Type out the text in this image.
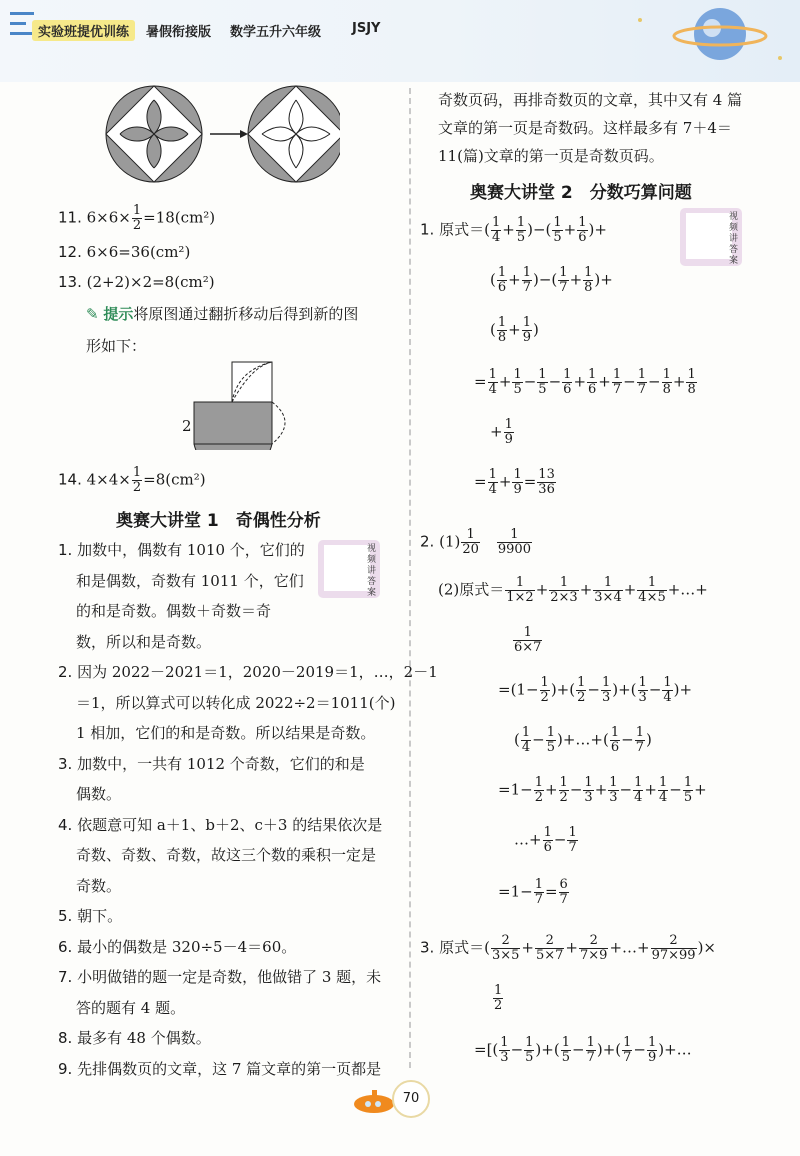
实验班提优训练	暑假衔接版 数学五升六年级 JSJY
11. $6\times 6\times \frac{1}{2} =18(cm^2)$
12. 6×6=36(cm²)
13. (2+2)×2=8(cm²)
✎ 提示将原图通过翻折移动后得到新的图
形如下：
2
14. $4\times 4\times \frac{1}{2} =8(cm^2)$
奥赛大讲堂 1　奇偶性分析
视频讲答案
1. 加数中，偶数有 1010 个，它们的
和是偶数，奇数有 1011 个，它们
的和是奇数。偶数＋奇数＝奇
数，所以和是奇数。
2. 因为 2022－2021＝1，2020－2019＝1，…，2－1
＝1，所以算式可以转化成 2022÷2＝1011(个)
1 相加，它们的和是奇数。所以结果是奇数。
3. 加数中，一共有 1012 个奇数，它们的和是
偶数。
4. 依题意可知 a＋1、b＋2、c＋3 的结果依次是
奇数、奇数、奇数，故这三个数的乘积一定是
奇数。
5. 朝下。
6. 最小的偶数是 320÷5－4＝60。
7. 小明做错的题一定是奇数，他做错了 3 题，未
答的题有 4 题。
8. 最多有 48 个偶数。
9. 先排偶数页的文章，这 7 篇文章的第一页都是
奇数页码，再排奇数页的文章，其中又有 4 篇
文章的第一页是奇数码。这样最多有 7＋4＝
11(篇)文章的第一页是奇数页码。
奥赛大讲堂 2　分数巧算问题
视频讲答案
1. 原式＝( $\frac{1}{4} + \frac{1}{5}$ )−( $\frac{1}{5} + \frac{1}{6}$ )+
( $\frac{1}{6} + \frac{1}{7}$ )−( $\frac{1}{7} + \frac{1}{8}$ )+
( $\frac{1}{8} + \frac{1}{9}$ )
= $\frac{1}{4} + \frac{1}{5} - \frac{1}{5} - \frac{1}{6} + \frac{1}{6} + \frac{1}{7} - \frac{1}{7} - \frac{1}{8} + \frac{1}{8}$
+ $\frac{1}{9}$
= $\frac{1}{4} + \frac{1}{9} = \frac{13}{36}$
2. $(1) \frac{1}{20}$
  $\frac{1}{9900}$
(2)原式＝ $\frac{1}{1\times 2} + \frac{1}{2\times 3} + \frac{1}{3\times 4} + \frac{1}{4\times 5}$ +…+
$\frac{1}{6\times 7}$
$=(1- \frac{1}{2}$ )+( $\frac{1}{2} - \frac{1}{3}$ )+( $\frac{1}{3} - \frac{1}{4}$ )+
( $\frac{1}{4} - \frac{1}{5}$ )+…+( $\frac{1}{6} - \frac{1}{7}$ )
$=1- \frac{1}{2} + \frac{1}{2} - \frac{1}{3} + \frac{1}{3} - \frac{1}{4} + \frac{1}{4} - \frac{1}{5}$ +
…+ $\frac{1}{6} - \frac{1}{7}$
$=1- \frac{1}{7} = \frac{6}{7}$
3. 原式＝( $\frac{2}{3\times 5} + \frac{2}{5\times 7} + \frac{2}{7\times 9}$ +…+ $\frac{2}{97\times 99}$ )×
$\frac{1}{2}$
=[( $\frac{1}{3} - \frac{1}{5}$ )+( $\frac{1}{5} - \frac{1}{7}$ )+( $\frac{1}{7} - \frac{1}{9}$ )+…
70
